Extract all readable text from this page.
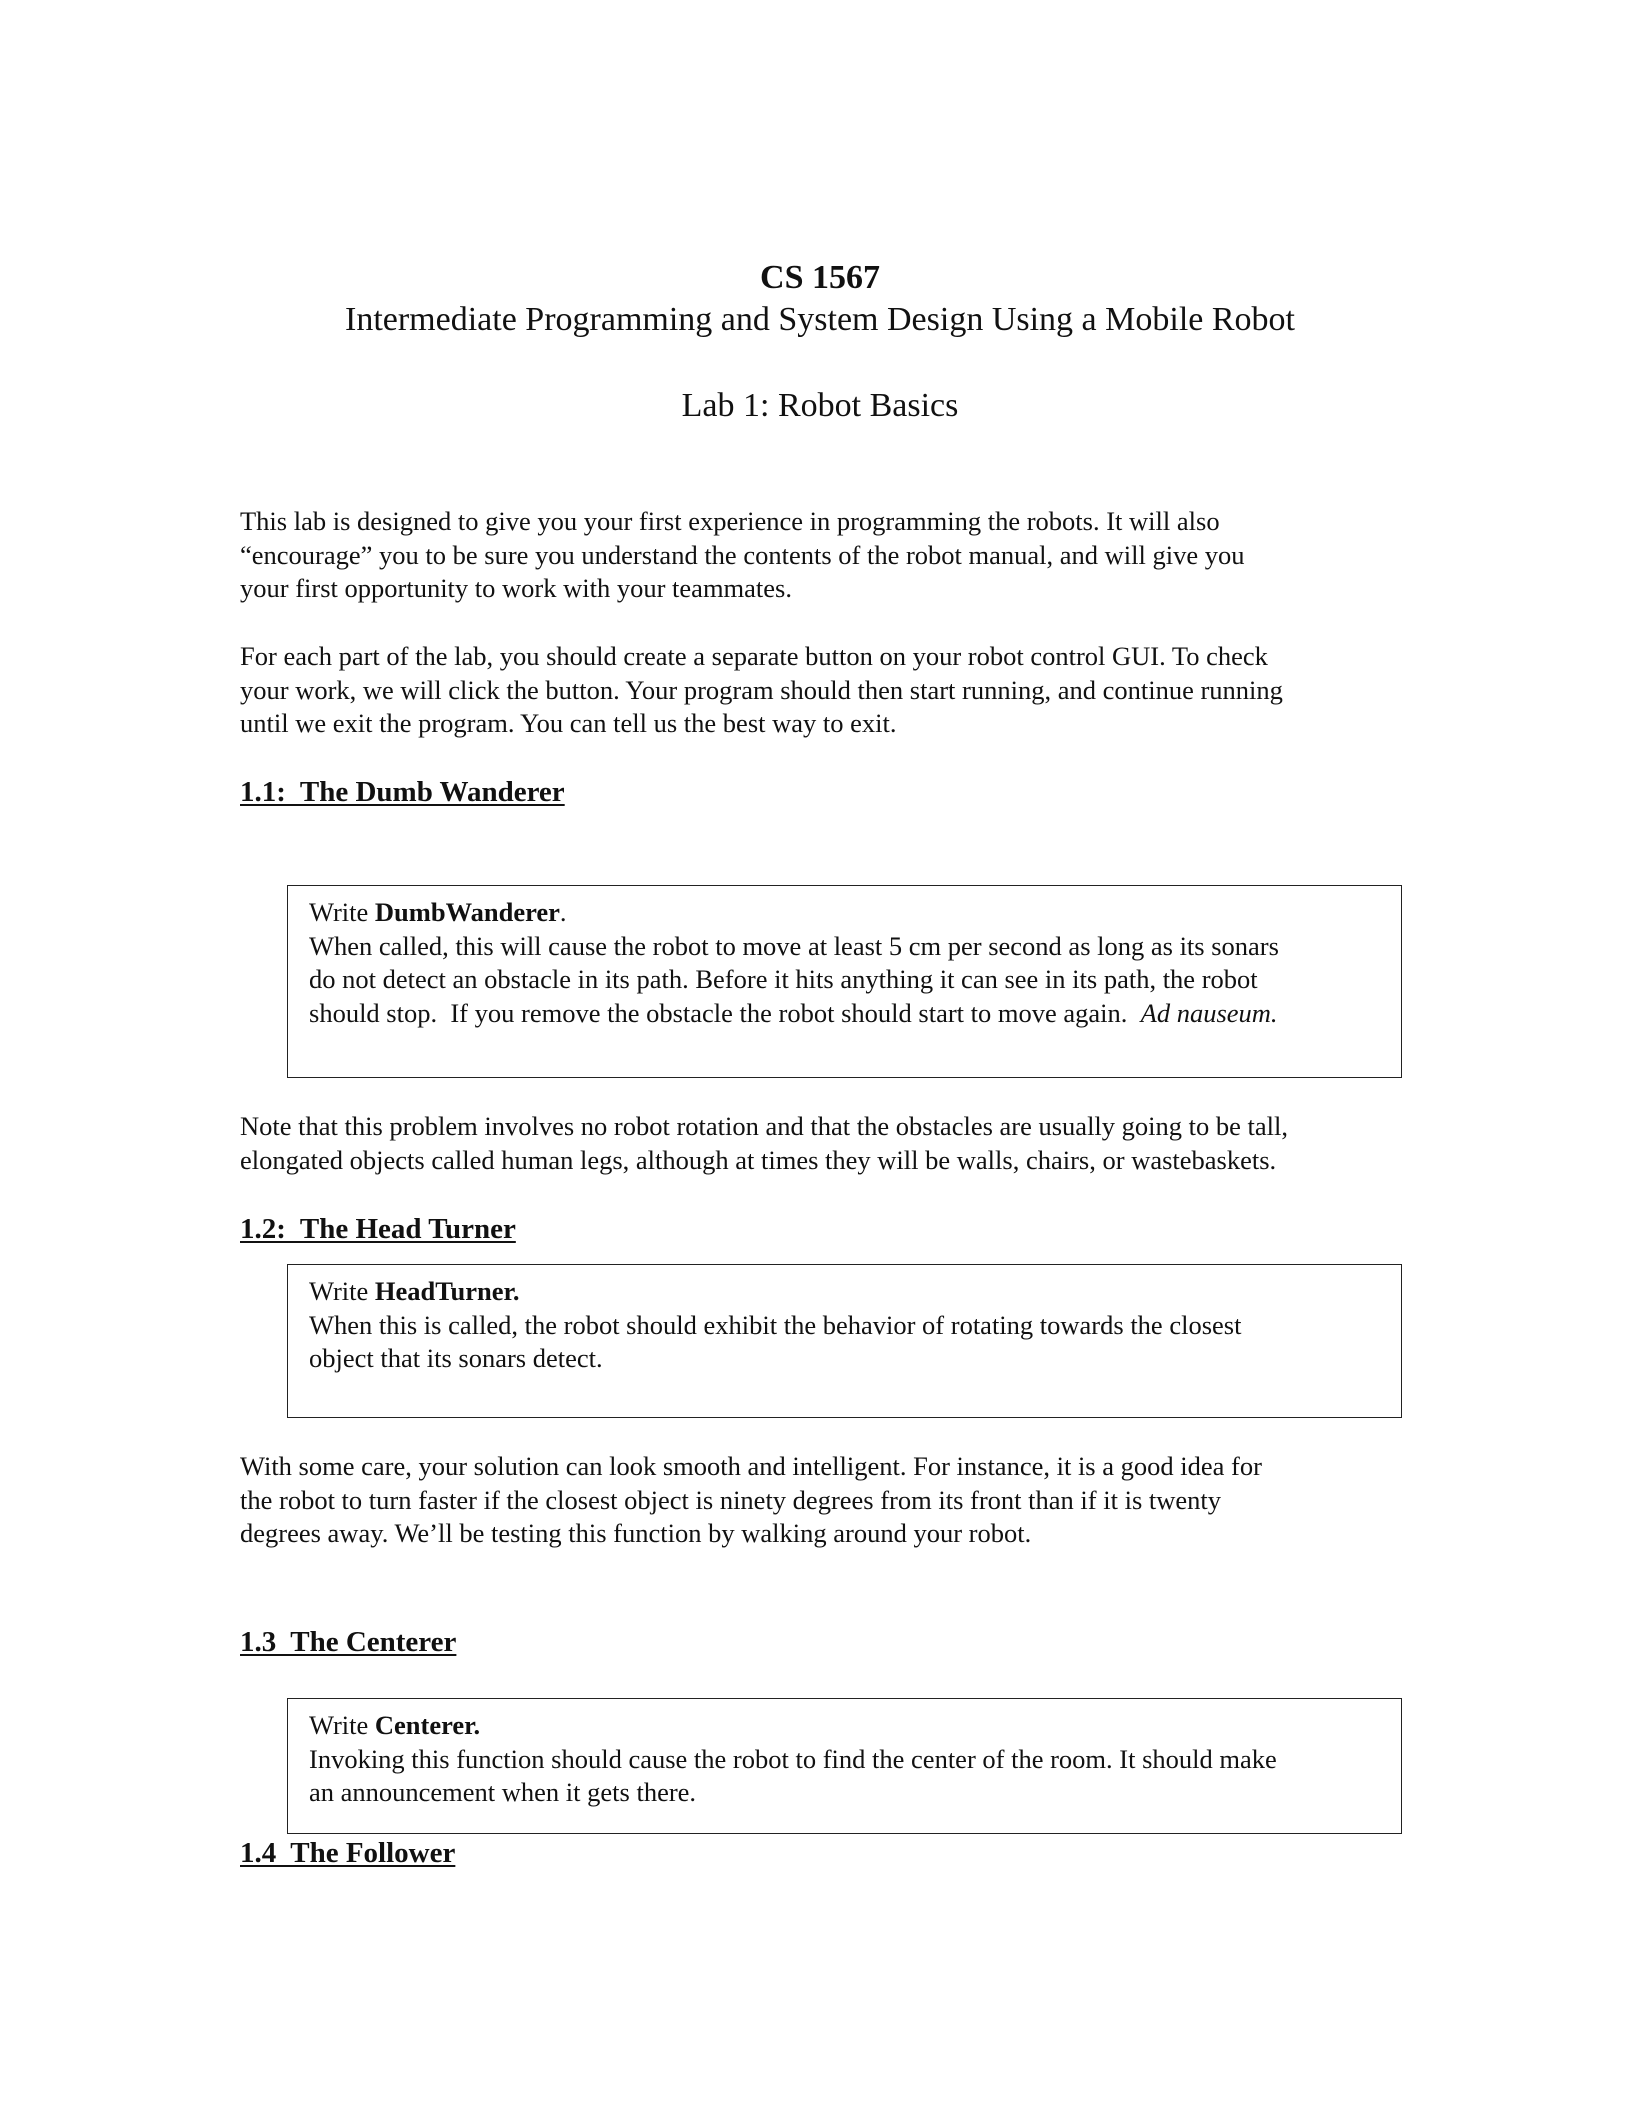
CS 1567
Intermediate Programming and System Design Using a Mobile Robot
Lab 1: Robot Basics
This lab is designed to give you your first experience in programming the robots. It will also
“encourage” you to be sure you understand the contents of the robot manual, and will give you
your first opportunity to work with your teammates.
For each part of the lab, you should create a separate button on your robot control GUI. To check
your work, we will click the button. Your program should then start running, and continue running
until we exit the program. You can tell us the best way to exit.
1.1:  The Dumb Wanderer
Write DumbWanderer.
When called, this will cause the robot to move at least 5 cm per second as long as its sonars
do not detect an obstacle in its path. Before it hits anything it can see in its path, the robot
should stop.  If you remove the obstacle the robot should start to move again.  Ad nauseum.
Note that this problem involves no robot rotation and that the obstacles are usually going to be tall,
elongated objects called human legs, although at times they will be walls, chairs, or wastebaskets.
1.2:  The Head Turner
Write HeadTurner.
When this is called, the robot should exhibit the behavior of rotating towards the closest
object that its sonars detect.
With some care, your solution can look smooth and intelligent. For instance, it is a good idea for
the robot to turn faster if the closest object is ninety degrees from its front than if it is twenty
degrees away. We’ll be testing this function by walking around your robot.
1.3  The Centerer
Write Centerer.
Invoking this function should cause the robot to find the center of the room. It should make
an announcement when it gets there.
1.4  The Follower
